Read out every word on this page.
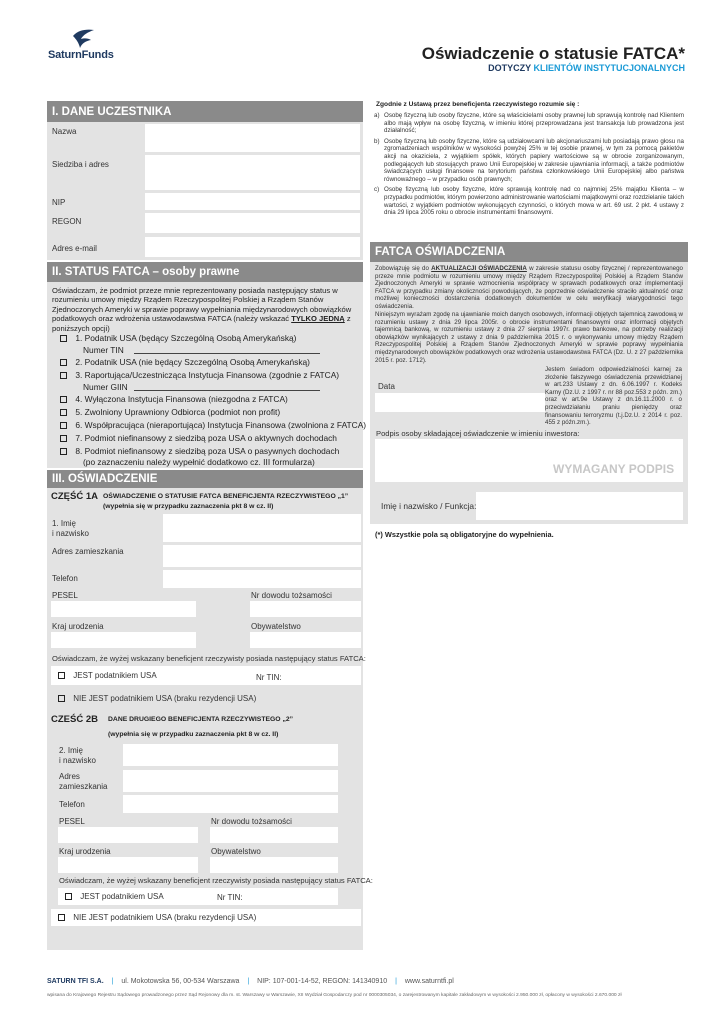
SaturnFunds	Oświadczenie o statusie FATCA*
DOTYCZY KLIENTÓW INSTYTUCJONALNYCH
I. DANE UCZESTNIKA
Nazwa
Siedziba i adres
NIP
REGON
Adres e-mail
II. STATUS FATCA – osoby prawne
Oświadczam, że podmiot przeze mnie reprezentowany posiada następujący status w rozumieniu umowy między Rządem Rzeczypospolitej Polskiej a Rządem Stanów Zjednoczonych Ameryki w sprawie poprawy wypełniania międzynarodowych obowiązków podatkowych oraz wdrożenia ustawodawstwa FATCA (należy wskazać TYLKO JEDNĄ z poniższych opcji)
1. Podatnik USA (będący Szczególną Osobą Amerykańską)
Numer TIN
2. Podatnik USA (nie będący Szczególną Osobą Amerykańską)
3. Raportująca/Uczestnicząca Instytucja Finansowa (zgodnie z FATCA)
Numer GIIN
4. Wyłączona Instytucja Finansowa (niezgodna z FATCA)
5. Zwolniony Uprawniony Odbiorca (podmiot non profit)
6. Współpracująca (nieraportująca) Instytucja Finansowa (zwolniona z FATCA)
7. Podmiot niefinansowy z siedzibą poza USA o aktywnych dochodach
8. Podmiot niefinansowy z siedzibą poza USA o pasywnych dochodach
(po zaznaczeniu należy wypełnić dodatkowo cz. III formularza)
III. OŚWIADCZENIE
CZĘŚĆ 1A OŚWIADCZENIE O STATUSIE FATCA BENEFICJENTA RZECZYWISTEGO „1”
(wypełnia się w przypadku zaznaczenia pkt 8 w cz. II)
1. Imię
i nazwisko
Adres zamieszkania
Telefon
PESEL	Nr dowodu tożsamości
Kraj urodzenia	Obywatelstwo
Oświadczam, że wyżej wskazany beneficjent rzeczywisty posiada następujący status FATCA:
JEST podatnikiem USA	Nr TIN:
NIE JEST podatnikiem USA (braku rezydencji USA)
CZEŚĆ 2B DANE DRUGIEGO BENEFICJENTA RZECZYWISTEGO „2”
(wypełnia się w przypadku zaznaczenia pkt 8 w cz. II)
2. Imię
i nazwisko
Adres
zamieszkania
Telefon
PESEL	Nr dowodu tożsamości
Kraj urodzenia	Obywatelstwo
Oświadczam, że wyżej wskazany beneficjent rzeczywisty posiada następujący status FATCA:
JEST podatnikiem USA	Nr TIN:
NIE JEST podatnikiem USA (braku rezydencji USA)
Zgodnie z Ustawą przez beneficjenta rzeczywistego rozumie się :
a) Osobę fizyczną lub osoby fizyczne, które są właścicielami osoby prawnej lub sprawują kontrolę nad Klientem albo mają wpływ na osobę fizyczną, w imieniu której przeprowadzana jest transakcja lub prowadzona jest działalność;
b) Osobę fizyczną lub osoby fizyczne, które są udziałowcami lub akcjonariuszami lub posiadają prawo głosu na zgromadzeniach wspólników w wysokości powyżej 25% w tej osobie prawnej, w tym za pomocą pakietów akcji na okaziciela, z wyjątkiem spółek, których papiery wartościowe są w obrocie zorganizowanym, podlegających lub stosujących prawo Unii Europejskiej w zakresie ujawniania informacji, a także podmiotów świadczących usługi finansowe na terytorium państwa członkowskiego Unii Europejskiej albo państwa równoważnego – w przypadku osób prawnych;
c) Osobę fizyczną lub osoby fizyczne, które sprawują kontrolę nad co najmniej 25% majątku Klienta – w przypadku podmiotów, którym powierzono administrowanie wartościami majątkowymi oraz rozdzielanie takich wartości, z wyjątkiem podmiotów wykonujących czynności, o których mowa w art. 69 ust. 2 pkt. 4 ustawy z dnia 29 lipca 2005 roku o obrocie instrumentami finansowymi.
FATCA OŚWIADCZENIA
Zobowiązuję się do AKTUALIZACJI OŚWIADCZENIA w zakresie statusu osoby fizycznej / reprezentowanego przeze mnie podmiotu w rozumieniu umowy między Rządem Rzeczypospolitej Polskiej a Rządem Stanów Zjednoczonych Ameryki w sprawie wzmocnienia współpracy w sprawach podatkowych oraz implementacji FATCA w przypadku zmiany okoliczności powodujących, że poprzednie oświadczenie straciło aktualność oraz możliwej konieczności dostarczenia dodatkowych dokumentów w celu weryfikacji wiarygodności tego oświadczenia.
Niniejszym wyrażam zgodę na ujawnianie moich danych osobowych, informacji objętych tajemnicą zawodową w rozumieniu ustawy z dnia 29 lipca 2005r. o obrocie instrumentami finansowymi oraz informacji objętych tajemnicą bankową, w rozumieniu ustawy z dnia 27 sierpnia 1997r. prawo bankowe, na potrzeby realizacji obowiązków wynikających z ustawy z dnia 9 października 2015 r. o wykonywaniu umowy między Rządem Rzeczypospolitej Polskiej a Rządem Stanów Zjednoczonych Ameryki w sprawie poprawy wypełniania międzynarodowych obowiązków podatkowych oraz wdrożenia ustawodawstwa FATCA (Dz. U. z 27 października 2015 r. poz. 1712).
Data
Jestem świadom odpowiedzialności karnej za złożenie fałszywego oświadczenia przewidzianej w art.233 Ustawy z dn. 6.06.1997 r. Kodeks Karny (Dz.U. z 1997 r. nr 88 poz.553 z późn. zm.) oraz w art.9e Ustawy z dn.16.11.2000 r. o przeciwdziałaniu praniu pieniędzy oraz finansowaniu terroryzmu (t.j.Dz.U. z 2014 r. poz. 455 z późn.zm.).
Podpis osoby składającej oświadczenie w imieniu inwestora:
WYMAGANY PODPIS
Imię i nazwisko / Funkcja:
(*) Wszystkie pola są obligatoryjne do wypełnienia.
SATURN TFI S.A. | ul. Mokotowska 56, 00-534 Warszawa | NIP: 107-001-14-52, REGON: 141340910 | www.saturntfi.pl
wpisana do Krajowego Rejestru Sądowego prowadzonego przez Sąd Rejonowy dla m. st. Warszawy w Warszawie, XII Wydział Gospodarczy pod nr 0000305034, o zarejestrowanym kapitale zakładowym w wysokości 2.950.000 zł, opłacony w wysokości 2.670.000 zł
